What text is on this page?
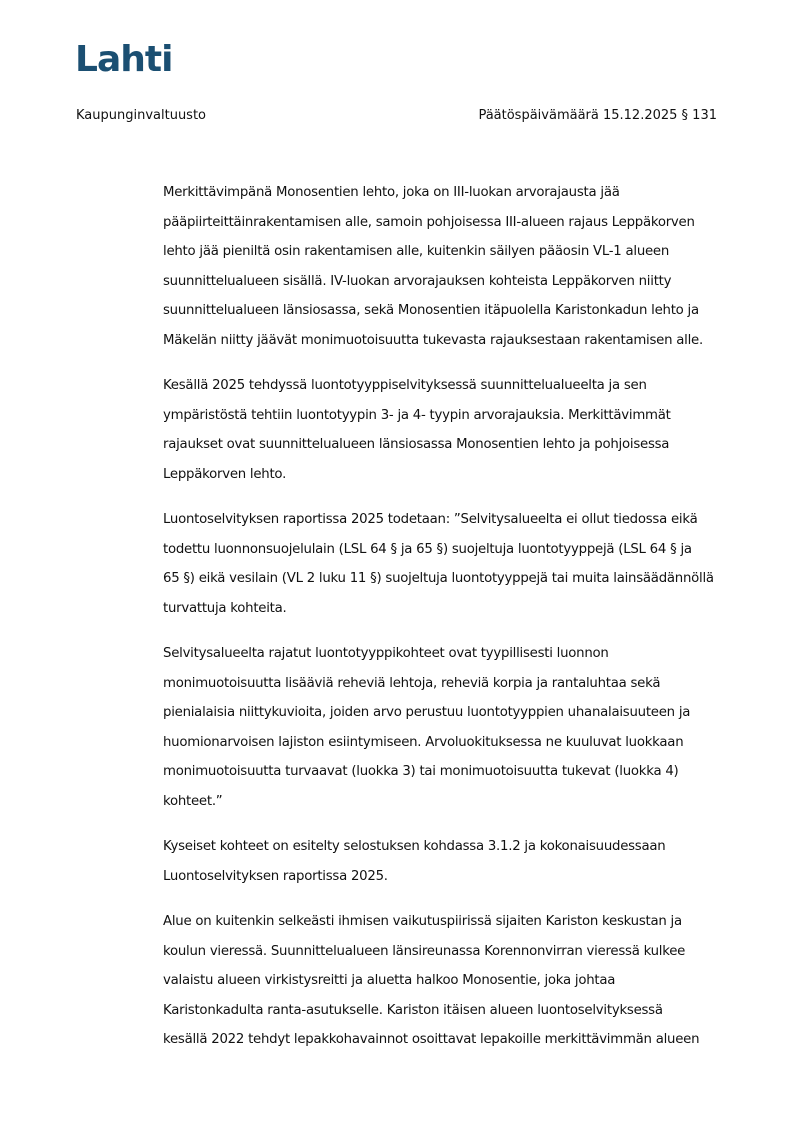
Lahti
Kaupunginvaltuusto	Päätöspäivämäärä 15.12.2025 § 131
Merkittävimpänä Monosentien lehto, joka on III-luokan arvorajausta jää
pääpiirteittäinrakentamisen alle, samoin pohjoisessa III-alueen rajaus Leppäkorven
lehto jää pieniltä osin rakentamisen alle, kuitenkin säilyen pääosin VL-1 alueen
suunnittelualueen sisällä. IV-luokan arvorajauksen kohteista Leppäkorven niitty
suunnittelualueen länsiosassa, sekä Monosentien itäpuolella Karistonkadun lehto ja
Mäkelän niitty jäävät monimuotoisuutta tukevasta rajauksestaan rakentamisen alle.
Kesällä 2025 tehdyssä luontotyyppiselvityksessä suunnittelualueelta ja sen
ympäristöstä tehtiin luontotyypin 3- ja 4- tyypin arvorajauksia. Merkittävimmät
rajaukset ovat suunnittelualueen länsiosassa Monosentien lehto ja pohjoisessa
Leppäkorven lehto.
Luontoselvityksen raportissa 2025 todetaan: ”Selvitysalueelta ei ollut tiedossa eikä
todettu luonnonsuojelulain (LSL 64 § ja 65 §) suojeltuja luontotyyppejä (LSL 64 § ja
65 §) eikä vesilain (VL 2 luku 11 §) suojeltuja luontotyyppejä tai muita lainsäädännöllä
turvattuja kohteita.
Selvitysalueelta rajatut luontotyyppikohteet ovat tyypillisesti luonnon
monimuotoisuutta lisääviä reheviä lehtoja, reheviä korpia ja rantaluhtaa sekä
pienialaisia niittykuvioita, joiden arvo perustuu luontotyyppien uhanalaisuuteen ja
huomionarvoisen lajiston esiintymiseen. Arvoluokituksessa ne kuuluvat luokkaan
monimuotoisuutta turvaavat (luokka 3) tai monimuotoisuutta tukevat (luokka 4)
kohteet.”
Kyseiset kohteet on esitelty selostuksen kohdassa 3.1.2 ja kokonaisuudessaan
Luontoselvityksen raportissa 2025.
Alue on kuitenkin selkeästi ihmisen vaikutuspiirissä sijaiten Kariston keskustan ja
koulun vieressä. Suunnittelualueen länsireunassa Korennonvirran vieressä kulkee
valaistu alueen virkistysreitti ja aluetta halkoo Monosentie, joka johtaa
Karistonkadulta ranta-asutukselle. Kariston itäisen alueen luontoselvityksessä
kesällä 2022 tehdyt lepakkohavainnot osoittavat lepakoille merkittävimmän alueen
